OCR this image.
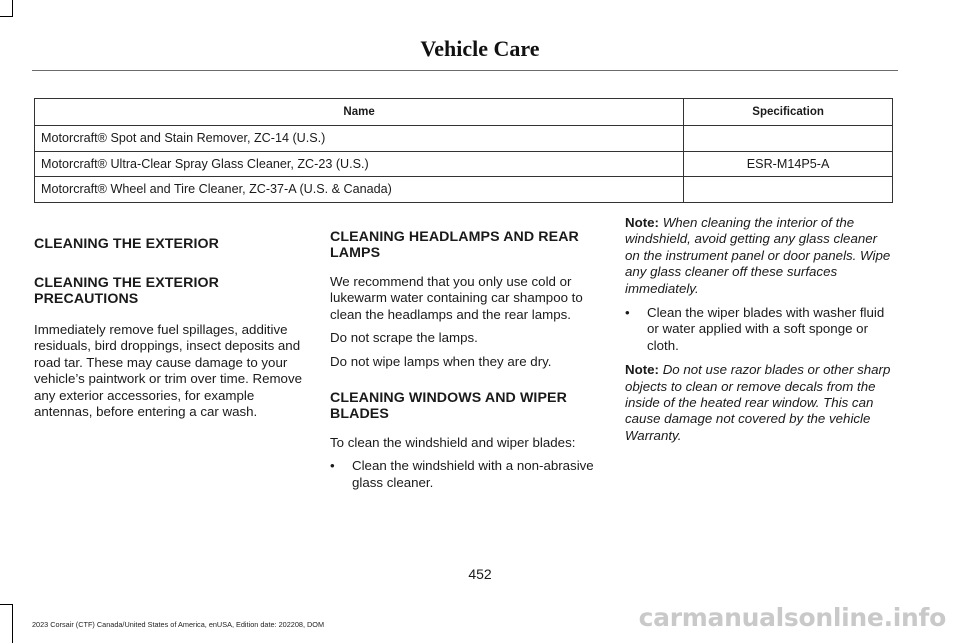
Vehicle Care
Name	Specification
Motorcraft® Spot and Stain Remover, ZC-14 (U.S.)	
Motorcraft® Ultra-Clear Spray Glass Cleaner, ZC-23 (U.S.)	ESR-M14P5-A
Motorcraft® Wheel and Tire Cleaner, ZC-37-A (U.S. & Canada)	
CLEANING THE EXTERIOR
CLEANING THE EXTERIOR PRECAUTIONS

Immediately remove fuel spillages, additive residuals, bird droppings, insect deposits and road tar. These may cause damage to your vehicle’s paintwork or trim over time. Remove any exterior accessories, for example antennas, before entering a car wash.

CLEANING HEADLAMPS AND REAR LAMPS

We recommend that you only use cold or lukewarm water containing car shampoo to clean the headlamps and the rear lamps.

Do not scrape the lamps.

Do not wipe lamps when they are dry.

CLEANING WINDOWS AND WIPER BLADES

To clean the windshield and wiper blades:

• Clean the windshield with a non-abrasive glass cleaner.

Note: When cleaning the interior of the windshield, avoid getting any glass cleaner on the instrument panel or door panels. Wipe any glass cleaner off these surfaces immediately.

• Clean the wiper blades with washer fluid or water applied with a soft sponge or cloth.

Note: Do not use razor blades or other sharp objects to clean or remove decals from the inside of the heated rear window. This can cause damage not covered by the vehicle Warranty.

452
2023 Corsair (CTF) Canada/United States of America, enUSA, Edition date: 202208, DOM	carmanualsonline.info
